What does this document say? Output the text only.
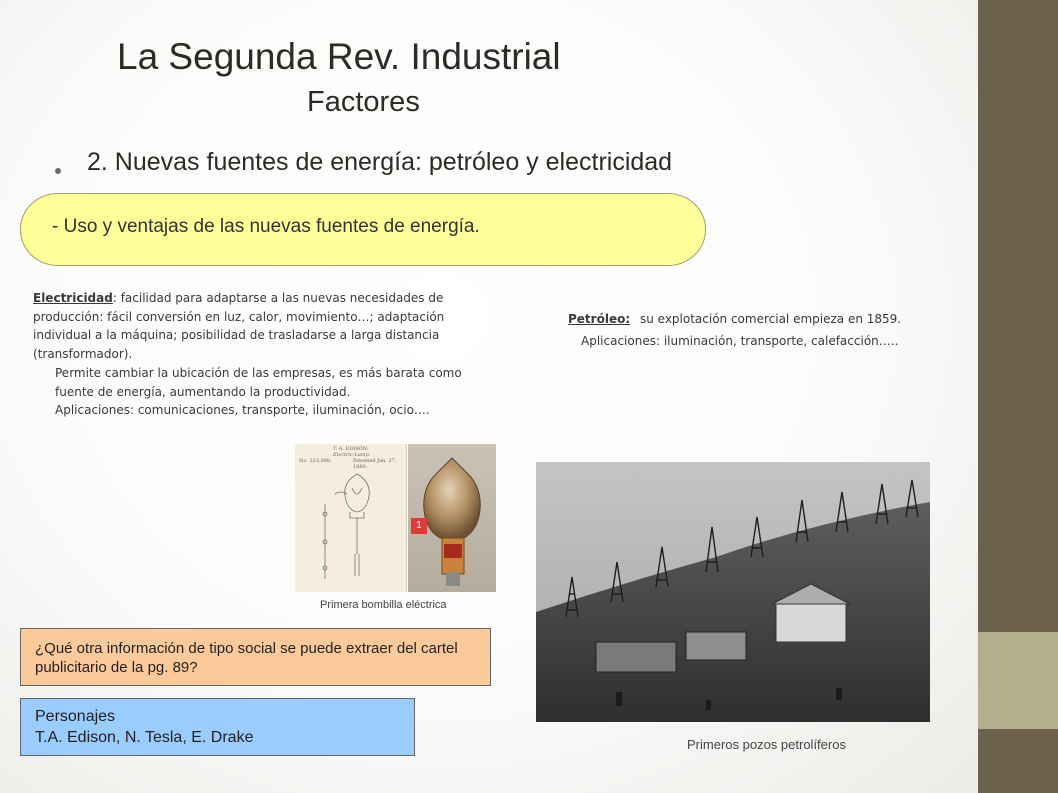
La Segunda Rev. Industrial
Factores
2. Nuevas fuentes de energía: petróleo y electricidad
- Uso y ventajas de las nuevas fuentes de energía.

Electricidad: facilidad para adaptarse a las nuevas necesidades de producción: fácil conversión en luz, calor, movimiento…; adaptación individual a la máquina; posibilidad de trasladarse a larga distancia (transformador).
Permite cambiar la ubicación de las empresas, es más barata como fuente de energía, aumentando la productividad.
Aplicaciones: comunicaciones, transporte, iluminación, ocio….

Petróleo: su explotación comercial empieza en 1859.
Aplicaciones: iluminación, transporte, calefacción…..
T. A. EDISON.
Electric-Lamp.
No. 223,898.	Patented Jan. 27, 1880.
1
Primera bombilla eléctrica
Primeros pozos petrolíferos
¿Qué otra información de tipo social se puede extraer del cartel publicitario de la pg. 89?
Personajes
T.A. Edison, N. Tesla, E. Drake
